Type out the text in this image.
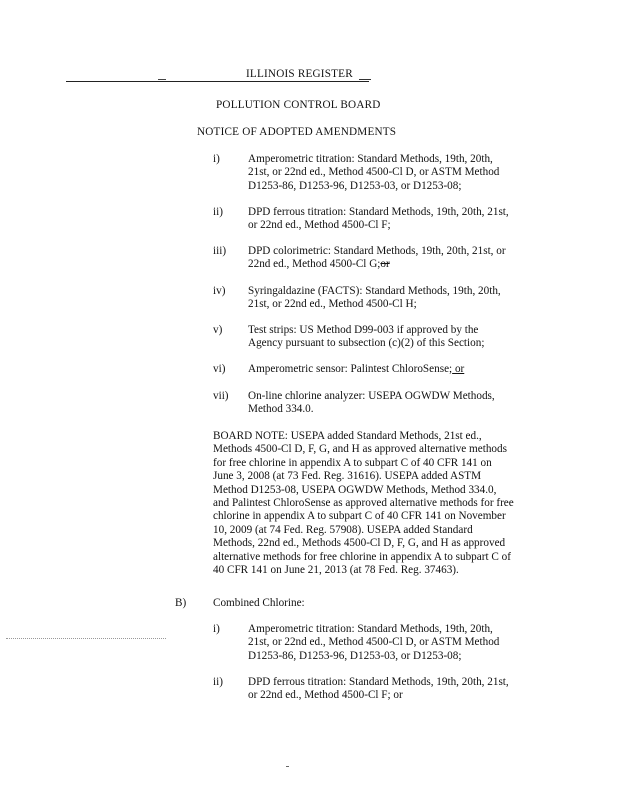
ILLINOIS REGISTER
POLLUTION CONTROL BOARD
NOTICE OF ADOPTED AMENDMENTS
i)	Amperometric titration: Standard Methods, 19th, 20th,
21st, or 22nd ed., Method 4500-Cl D, or ASTM Method
D1253-86, D1253-96, D1253-03, or D1253-08;
ii)	DPD ferrous titration: Standard Methods, 19th, 20th, 21st,
or 22nd ed., Method 4500-Cl F;
iii)	DPD colorimetric: Standard Methods, 19th, 20th, 21st, or
22nd ed., Method 4500-Cl G;or
iv)	Syringaldazine (FACTS): Standard Methods, 19th, 20th,
21st, or 22nd ed., Method 4500-Cl H;
v)	Test strips: US Method D99-003 if approved by the
Agency pursuant to subsection (c)(2) of this Section;
vi)	Amperometric sensor: Palintest ChloroSense; or
vii)	On-line chlorine analyzer: USEPA OGWDW Methods,
Method 334.0.
BOARD NOTE: USEPA added Standard Methods, 21st ed.,
Methods 4500-Cl D, F, G, and H as approved alternative methods
for free chlorine in appendix A to subpart C of 40 CFR 141 on
June 3, 2008 (at 73 Fed. Reg. 31616). USEPA added ASTM
Method D1253-08, USEPA OGWDW Methods, Method 334.0,
and Palintest ChloroSense as approved alternative methods for free
chlorine in appendix A to subpart C of 40 CFR 141 on November
10, 2009 (at 74 Fed. Reg. 57908). USEPA added Standard
Methods, 22nd ed., Methods 4500-Cl D, F, G, and H as approved
alternative methods for free chlorine in appendix A to subpart C of
40 CFR 141 on June 21, 2013 (at 78 Fed. Reg. 37463).
B) Combined Chlorine:
i)	Amperometric titration: Standard Methods, 19th, 20th,
21st, or 22nd ed., Method 4500-Cl D, or ASTM Method
D1253-86, D1253-96, D1253-03, or D1253-08;
ii)	DPD ferrous titration: Standard Methods, 19th, 20th, 21st,
or 22nd ed., Method 4500-Cl F; or
